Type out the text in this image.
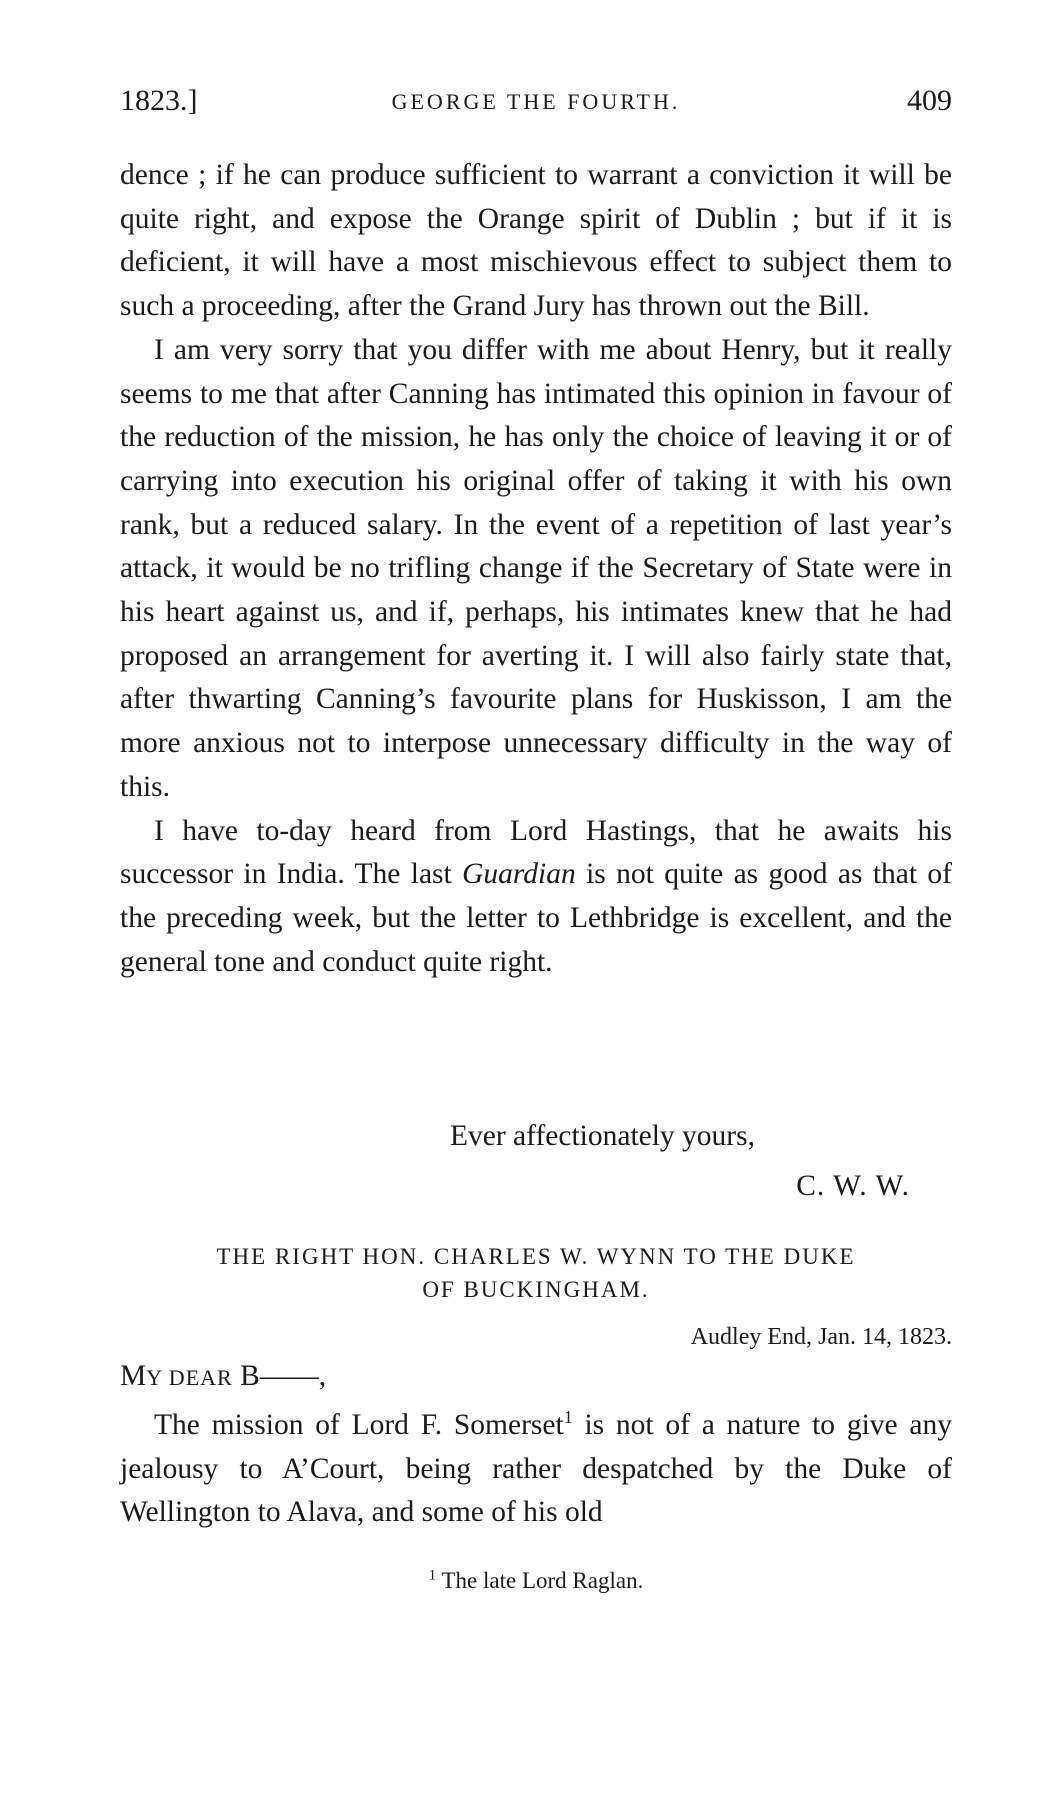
1823.]	GEORGE THE FOURTH.	409

dence ; if he can produce sufficient to warrant a conviction it will be quite right, and expose the Orange spirit of Dublin ; but if it is deficient, it will have a most mischievous effect to subject them to such a proceeding, after the Grand Jury has thrown out the Bill.

I am very sorry that you differ with me about Henry, but it really seems to me that after Canning has intimated this opinion in favour of the reduction of the mission, he has only the choice of leaving it or of carrying into execution his original offer of taking it with his own rank, but a reduced salary. In the event of a repetition of last year’s attack, it would be no trifling change if the Secretary of State were in his heart against us, and if, perhaps, his intimates knew that he had proposed an arrangement for averting it. I will also fairly state that, after thwarting Canning’s favourite plans for Huskisson, I am the more anxious not to interpose unnecessary difficulty in the way of this.

I have to-day heard from Lord Hastings, that he awaits his successor in India. The last Guardian is not quite as good as that of the preceding week, but the letter to Lethbridge is excellent, and the general tone and conduct quite right.

Ever affectionately yours,
C. W. W.
THE RIGHT HON. CHARLES W. WYNN TO THE DUKE
OF BUCKINGHAM.
Audley End, Jan. 14, 1823.
MY DEAR B——,

The mission of Lord F. Somerset$^1$ is not of a nature to give any jealousy to A’Court, being rather despatched by the Duke of Wellington to Alava, and some of his old

$^1$ The late Lord Raglan.
